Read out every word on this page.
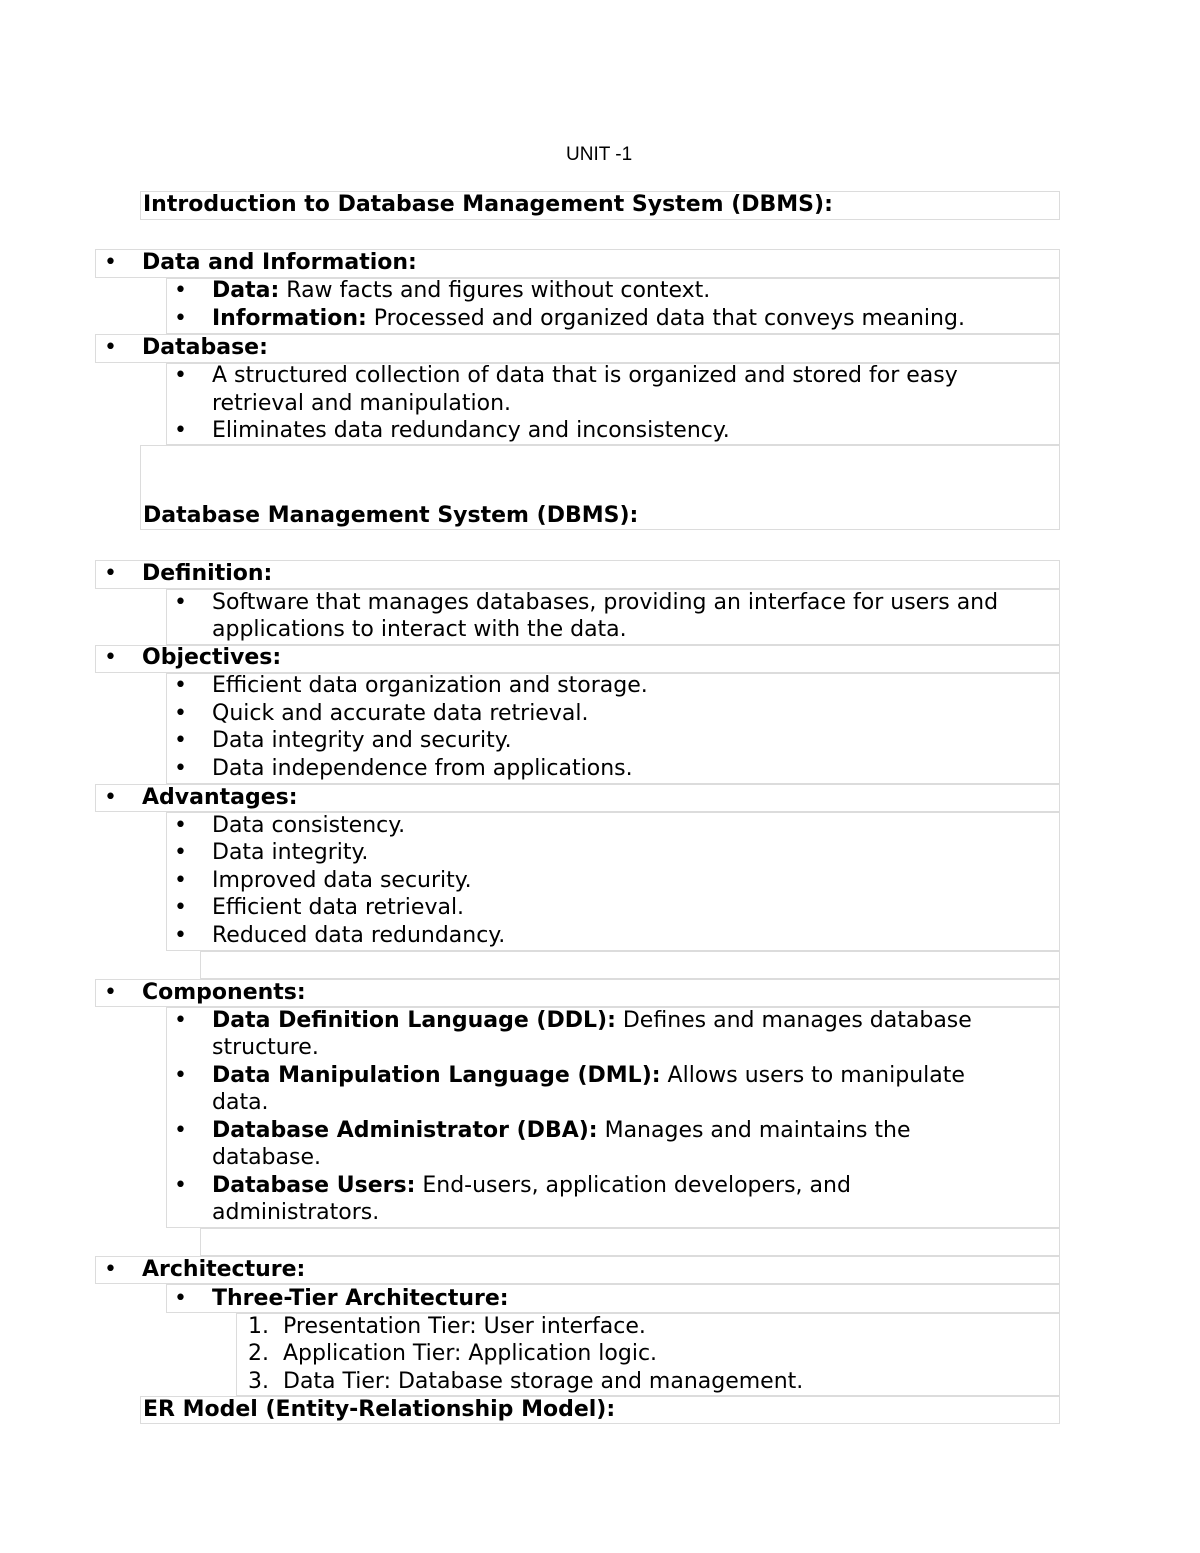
UNIT -1
Introduction to Database Management System (DBMS):
• Data and Information:
• Data: Raw facts and figures without context.
• Information: Processed and organized data that conveys meaning.
• Database:
• A structured collection of data that is organized and stored for easy
retrieval and manipulation.
• Eliminates data redundancy and inconsistency.
Database Management System (DBMS):
• Definition:
• Software that manages databases, providing an interface for users and
applications to interact with the data.
• Objectives:
• Efficient data organization and storage.
• Quick and accurate data retrieval.
• Data integrity and security.
• Data independence from applications.
• Advantages:
• Data consistency.
• Data integrity.
• Improved data security.
• Efficient data retrieval.
• Reduced data redundancy.
• Components:
• Data Definition Language (DDL): Defines and manages database
structure.
• Data Manipulation Language (DML): Allows users to manipulate
data.
• Database Administrator (DBA): Manages and maintains the
database.
• Database Users: End-users, application developers, and
administrators.
• Architecture:
• Three-Tier Architecture:
1. Presentation Tier: User interface.
2. Application Tier: Application logic.
3. Data Tier: Database storage and management.
ER Model (Entity-Relationship Model):
